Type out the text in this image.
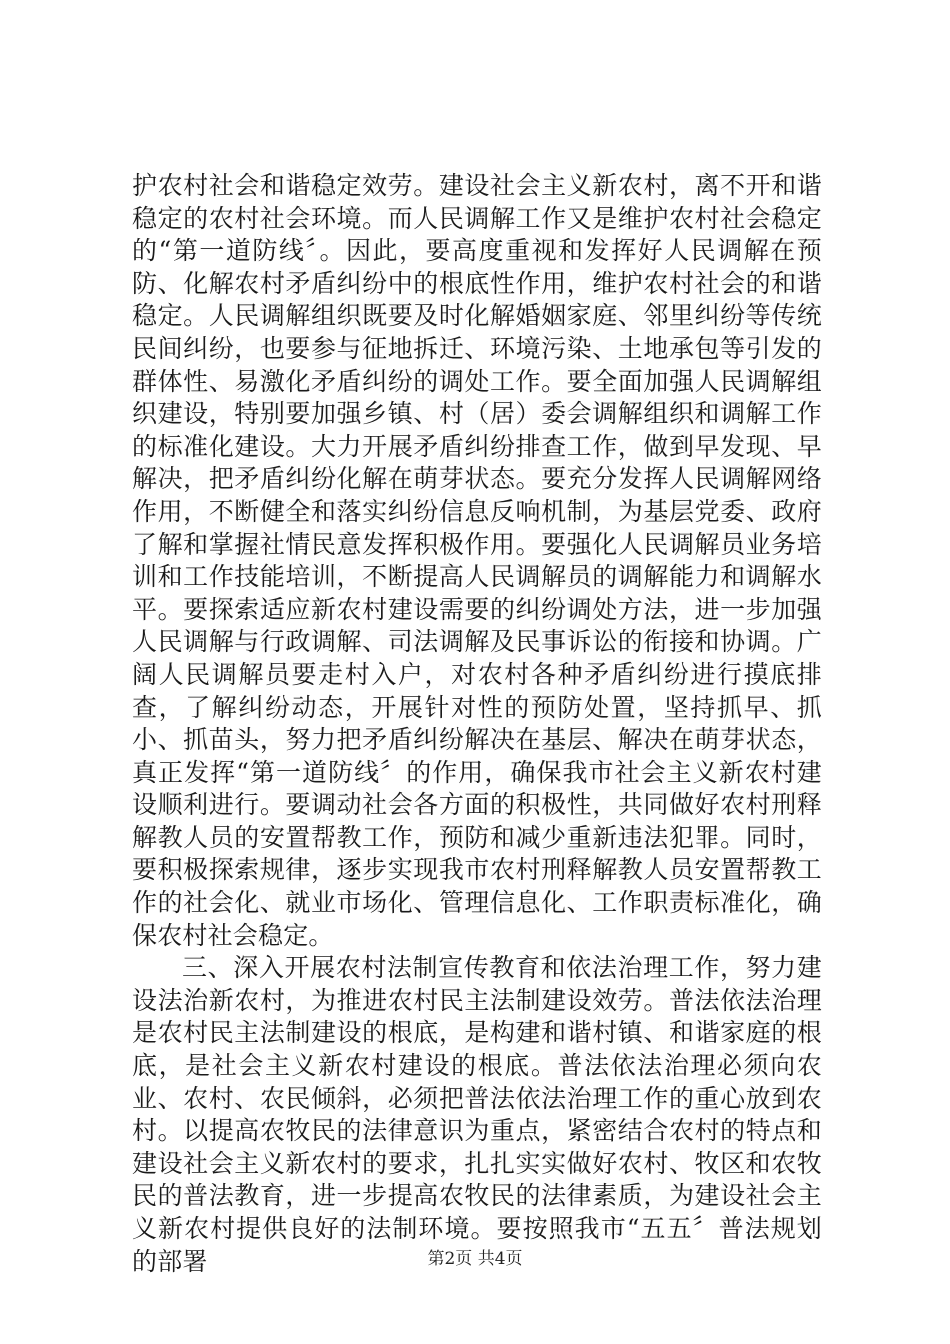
护农村社会和谐稳定效劳。建设社会主义新农村，离不开和谐稳定的农村社会环境。而人民调解工作又是维护农村社会稳定的“第一道防线〞。因此，要高度重视和发挥好人民调解在预防、化解农村矛盾纠纷中的根底性作用，维护农村社会的和谐稳定。人民调解组织既要及时化解婚姻家庭、邻里纠纷等传统民间纠纷，也要参与征地拆迁、环境污染、土地承包等引发的群体性、易激化矛盾纠纷的调处工作。要全面加强人民调解组织建设，特别要加强乡镇、村（居）委会调解组织和调解工作的标准化建设。大力开展矛盾纠纷排查工作，做到早发现、早解决，把矛盾纠纷化解在萌芽状态。要充分发挥人民调解网络作用，不断健全和落实纠纷信息反响机制，为基层党委、政府了解和掌握社情民意发挥积极作用。要强化人民调解员业务培训和工作技能培训，不断提高人民调解员的调解能力和调解水平。要探索适应新农村建设需要的纠纷调处方法，进一步加强人民调解与行政调解、司法调解及民事诉讼的衔接和协调。广阔人民调解员要走村入户，对农村各种矛盾纠纷进行摸底排查，了解纠纷动态，开展针对性的预防处置，坚持抓早、抓小、抓苗头，努力把矛盾纠纷解决在基层、解决在萌芽状态，真正发挥“第一道防线〞的作用，确保我市社会主义新农村建设顺利进行。要调动社会各方面的积极性，共同做好农村刑释解教人员的安置帮教工作，预防和减少重新违法犯罪。同时，要积极探索规律，逐步实现我市农村刑释解教人员安置帮教工作的社会化、就业市场化、管理信息化、工作职责标准化，确保农村社会稳定。

三、深入开展农村法制宣传教育和依法治理工作，努力建设法治新农村，为推进农村民主法制建设效劳。普法依法治理是农村民主法制建设的根底，是构建和谐村镇、和谐家庭的根底，是社会主义新农村建设的根底。普法依法治理必须向农业、农村、农民倾斜，必须把普法依法治理工作的重心放到农村。以提高农牧民的法律意识为重点，紧密结合农村的特点和建设社会主义新农村的要求，扎扎实实做好农村、牧区和农牧民的普法教育，进一步提高农牧民的法律素质，为建设社会主义新农村提供良好的法制环境。要按照我市“五五〞普法规划的部署	第2页 共4页
